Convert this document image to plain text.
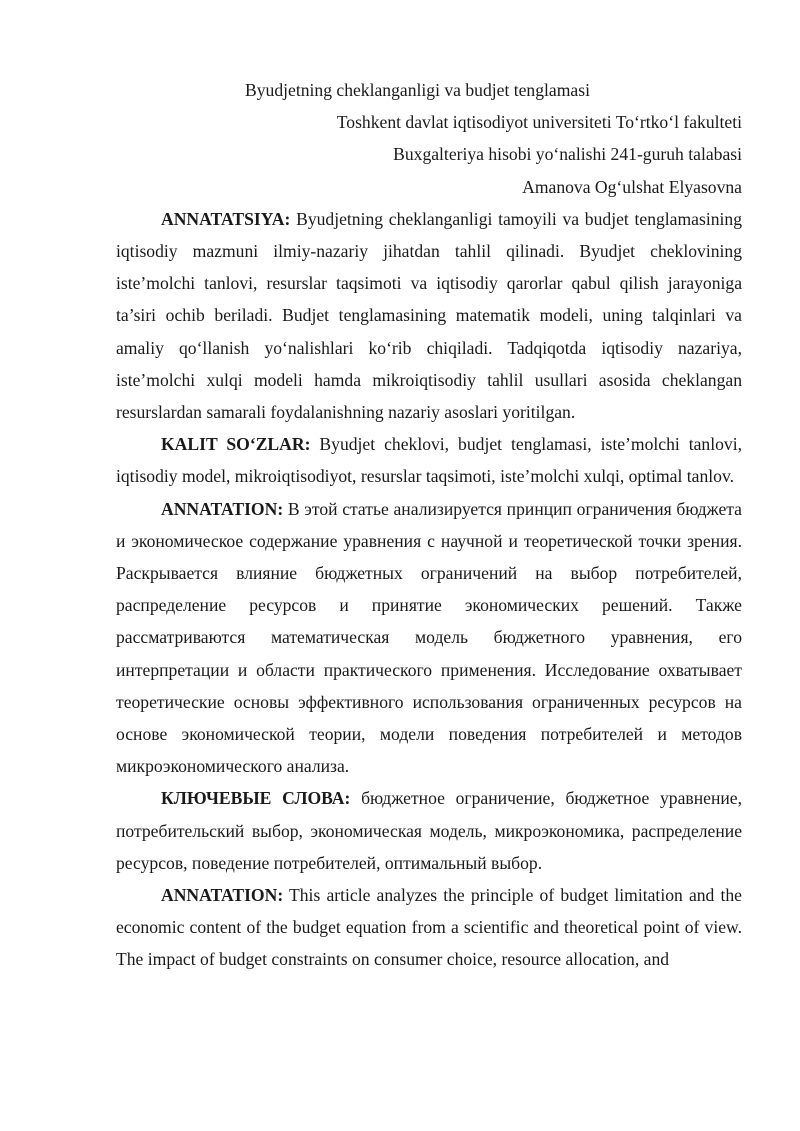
Byudjetning cheklanganligi va budjet tenglamasi
Toshkent davlat iqtisodiyot universiteti To‘rtko‘l fakulteti
Buxgalteriya hisobi yo‘nalishi 241-guruh talabasi
Amanova Og‘ulshat Elyasovna

ANNATATSIYA: Byudjetning cheklanganligi tamoyili va budjet tenglamasining iqtisodiy mazmuni ilmiy-nazariy jihatdan tahlil qilinadi. Byudjet cheklovining iste’molchi tanlovi, resurslar taqsimoti va iqtisodiy qarorlar qabul qilish jarayoniga ta’siri ochib beriladi. Budjet tenglamasining matematik modeli, uning talqinlari va amaliy qo‘llanish yo‘nalishlari ko‘rib chiqiladi. Tadqiqotda iqtisodiy nazariya, iste’molchi xulqi modeli hamda mikroiqtisodiy tahlil usullari asosida cheklangan resurslardan samarali foydalanishning nazariy asoslari yoritilgan.

KALIT SO‘ZLAR: Byudjet cheklovi, budjet tenglamasi, iste’molchi tanlovi, iqtisodiy model, mikroiqtisodiyot, resurslar taqsimoti, iste’molchi xulqi, optimal tanlov.

ANNATATION: В этой статье анализируется принцип ограничения бюджета и экономическое содержание уравнения с научной и теоретической точки зрения. Раскрывается влияние бюджетных ограничений на выбор потребителей, распределение ресурсов и принятие экономических решений. Также рассматриваются математическая модель бюджетного уравнения, его интерпретации и области практического применения. Исследование охватывает теоретические основы эффективного использования ограниченных ресурсов на основе экономической теории, модели поведения потребителей и методов микроэкономического анализа.

КЛЮЧЕВЫЕ СЛОВА: бюджетное ограничение, бюджетное уравнение, потребительский выбор, экономическая модель, микроэкономика, распределение ресурсов, поведение потребителей, оптимальный выбор.

ANNATATION: This article analyzes the principle of budget limitation and the economic content of the budget equation from a scientific and theoretical point of view. The impact of budget constraints on consumer choice, resource allocation, and
